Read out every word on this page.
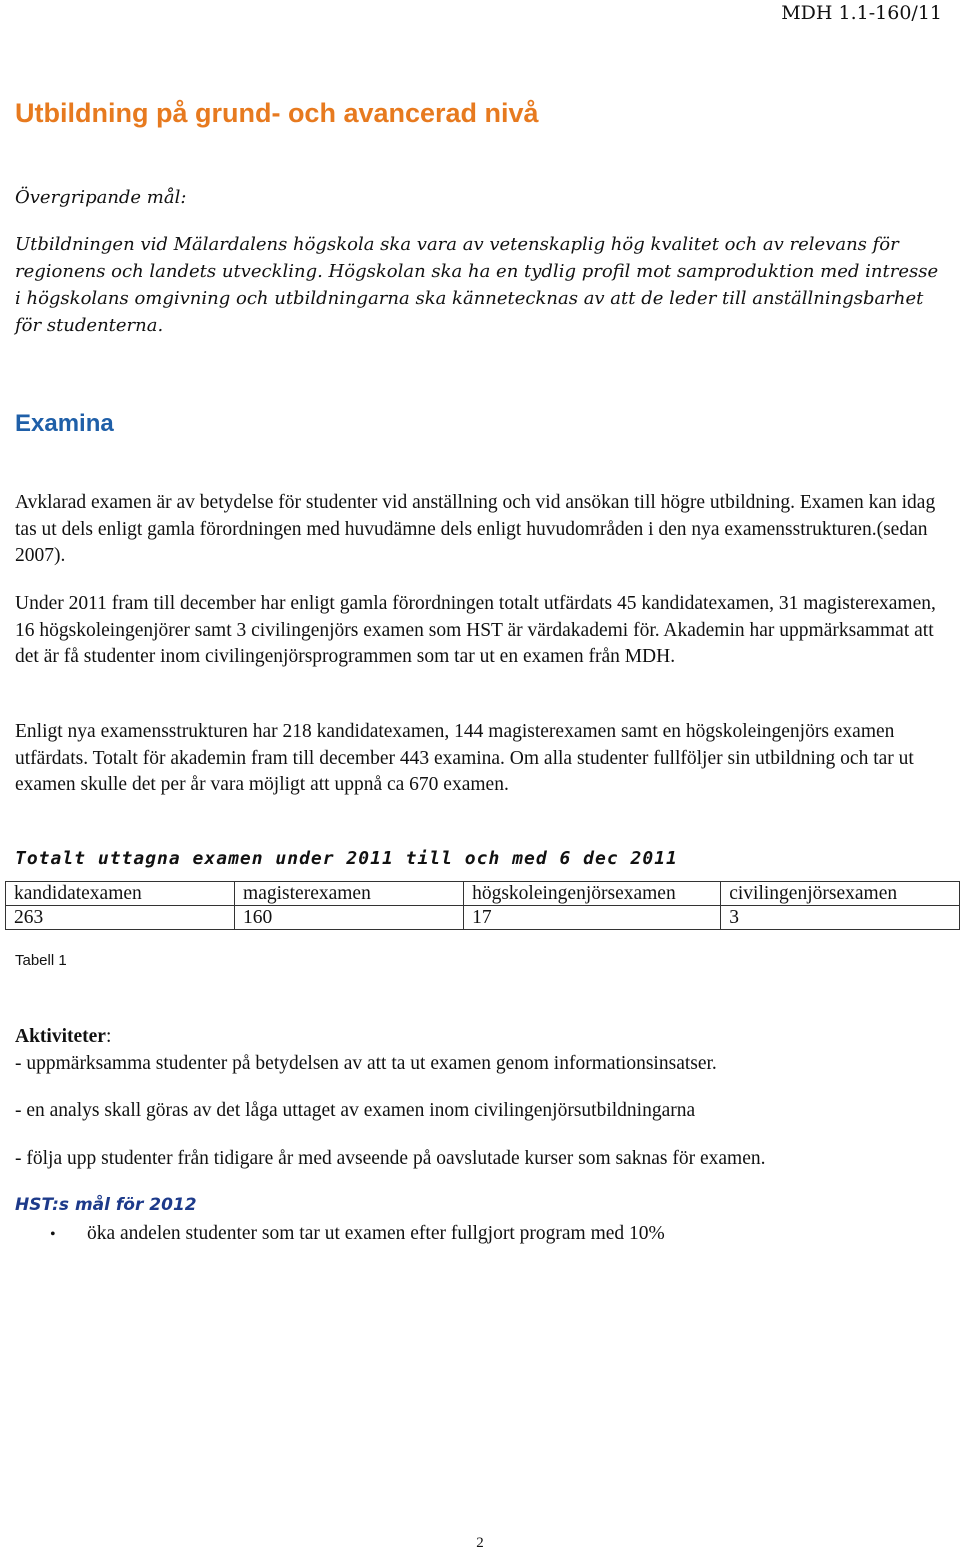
MDH 1.1-160/11
Utbildning på grund- och avancerad nivå
Övergripande mål:
Utbildningen vid Mälardalens högskola ska vara av vetenskaplig hög kvalitet och av relevans för regionens och landets utveckling. Högskolan ska ha en tydlig profil mot samproduktion med intresse i högskolans omgivning och utbildningarna ska kännetecknas av att de leder till anställningsbarhet för studenterna.
Examina
Avklarad examen är av betydelse för studenter vid anställning och vid ansökan till högre utbildning. Examen kan idag tas ut dels enligt gamla förordningen med huvudämne dels enligt huvudområden i den nya examensstrukturen.(sedan 2007).
Under 2011 fram till december har enligt gamla förordningen totalt utfärdats 45 kandidatexamen, 31 magisterexamen, 16 högskoleingenjörer samt 3 civilingenjörs examen som HST är värdakademi för. Akademin har uppmärksammat att det är få studenter inom civilingenjörsprogrammen som tar ut en examen från MDH.
Enligt nya examensstrukturen har 218 kandidatexamen, 144 magisterexamen samt en högskoleingenjörs examen utfärdats. Totalt för akademin fram till december 443 examina. Om alla studenter fullföljer sin utbildning och tar ut examen skulle det per år vara möjligt att uppnå ca 670 examen.
Totalt uttagna examen under 2011 till och med 6 dec 2011
kandidatexamen	magisterexamen	högskoleingenjörsexamen	civilingenjörsexamen
263	160	17	3
Tabell 1
Aktiviteter:
- uppmärksamma studenter på betydelsen av att ta ut examen genom informationsinsatser.
- en analys skall göras av det låga uttaget av examen inom civilingenjörsutbildningarna
- följa upp studenter från tidigare år med avseende på oavslutade kurser som saknas för examen.
HST:s mål för 2012
• öka andelen studenter som tar ut examen efter fullgjort program med 10%
2
